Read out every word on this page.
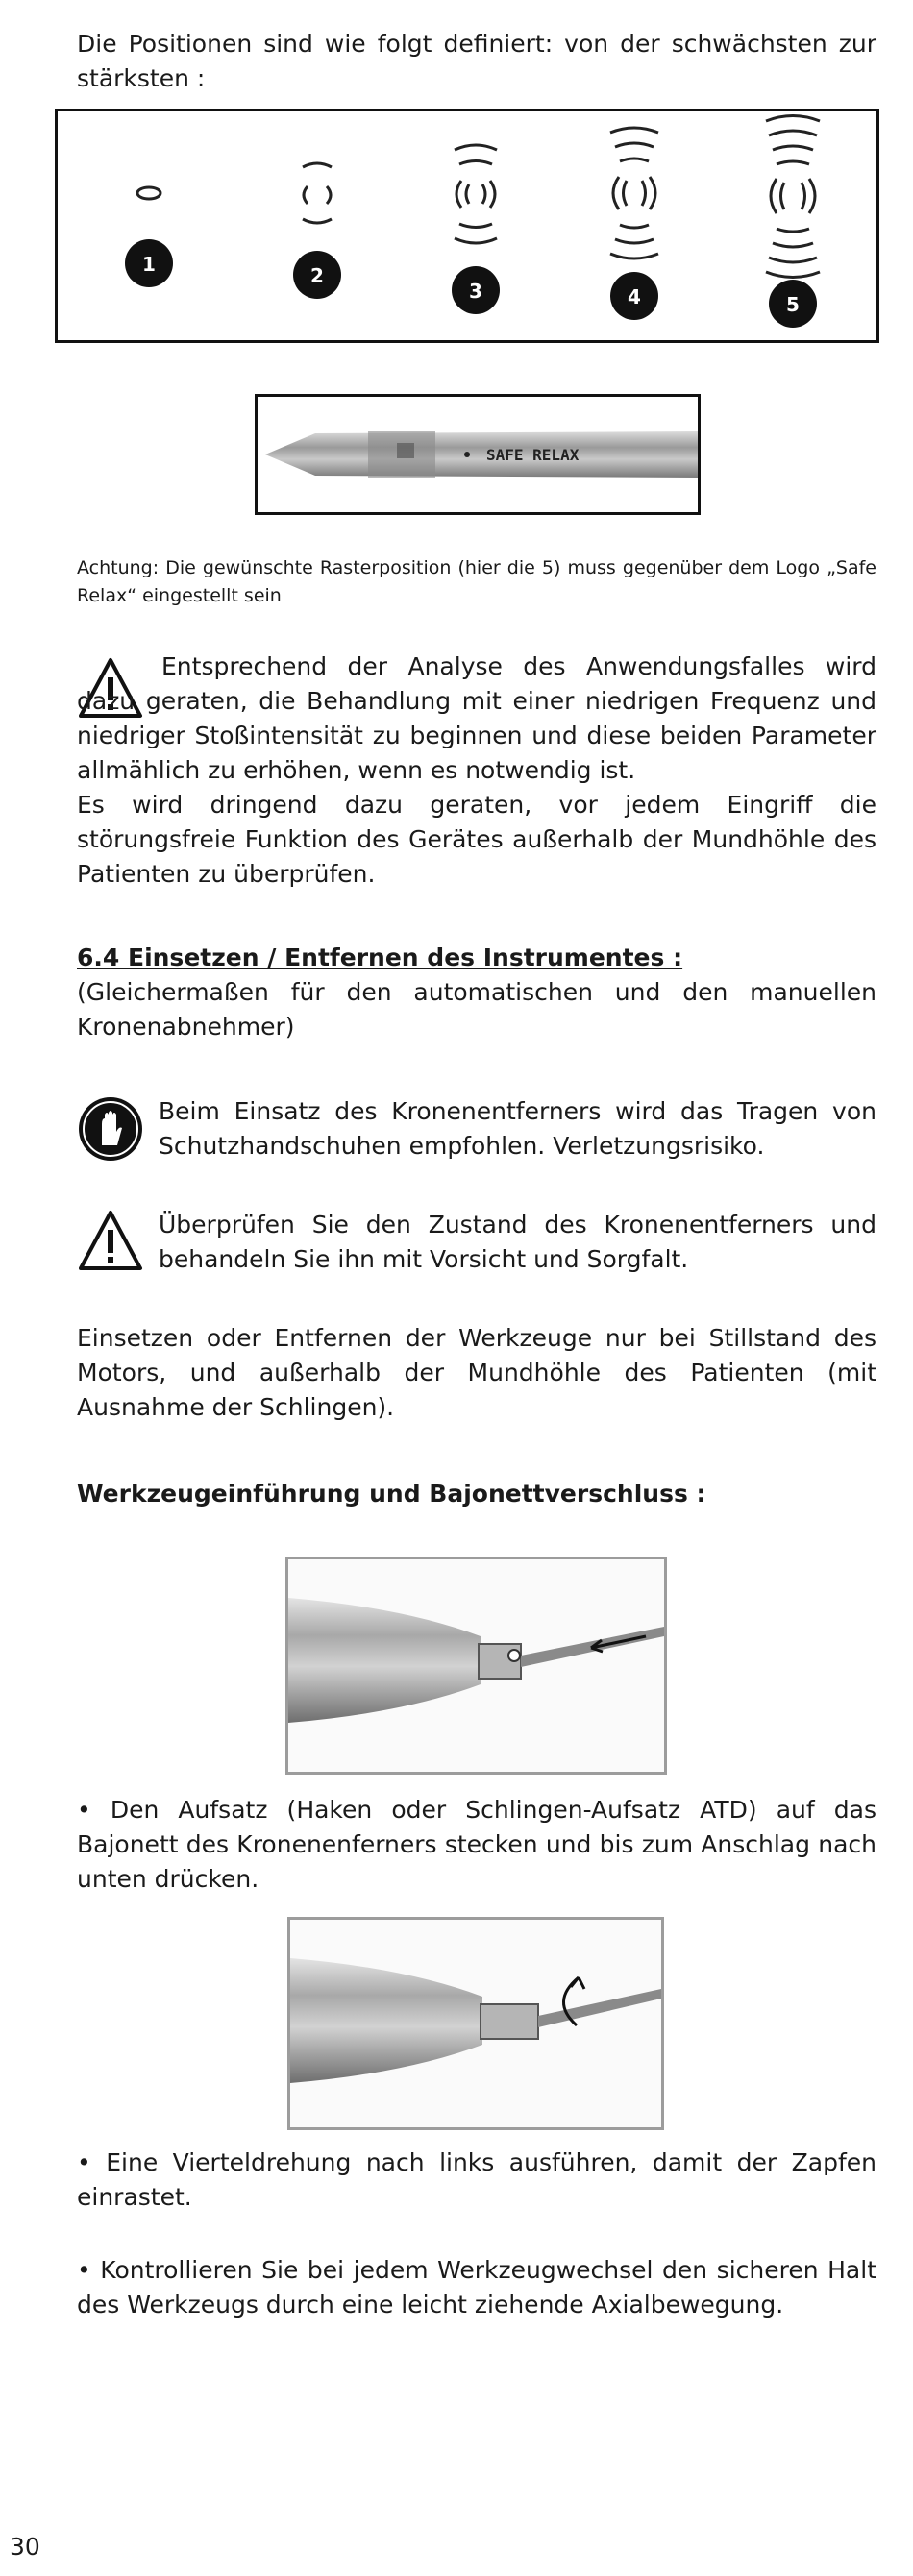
Die Positionen sind wie folgt definiert: von der schwächsten zur stärksten :

1	2
3	4	5
SAFE RELAX

Achtung: Die gewünschte Rasterposition (hier die 5) muss gegenüber dem Logo „Safe Relax“ eingestellt sein

Entsprechend der Analyse des Anwendungsfalles wird dazu geraten, die Behandlung mit einer niedrigen Frequenz und niedriger Stoßintensität zu beginnen und diese beiden Parameter allmählich zu erhöhen, wenn es notwendig ist.

Es wird dringend dazu geraten, vor jedem Eingriff die störungsfreie Funktion des Gerätes außerhalb der Mundhöhle des Patienten zu überprüfen.

6.4 Einsetzen / Entfernen des Instrumentes :

(Gleichermaßen für den automatischen und den manuellen Kronenabnehmer)

Beim Einsatz des Kronenentferners wird das Tragen von Schutzhandschuhen empfohlen. Verletzungsrisiko.

Überprüfen Sie den Zustand des Kronenentferners und behandeln Sie ihn mit Vorsicht und Sorgfalt.

Einsetzen oder Entfernen der Werkzeuge nur bei Stillstand des Motors, und außerhalb der Mundhöhle des Patienten (mit Ausnahme der Schlingen).

Werkzeugeinführung und Bajonettverschluss :

• Den Aufsatz (Haken oder Schlingen-Aufsatz ATD) auf das Bajonett des Kronenenferners stecken und bis zum Anschlag nach unten drücken.

• Eine Vierteldrehung nach links ausführen, damit der Zapfen einrastet.

• Kontrollieren Sie bei jedem Werkzeugwechsel den sicheren Halt des Werkzeugs durch eine leicht ziehende Axialbewegung.

30
